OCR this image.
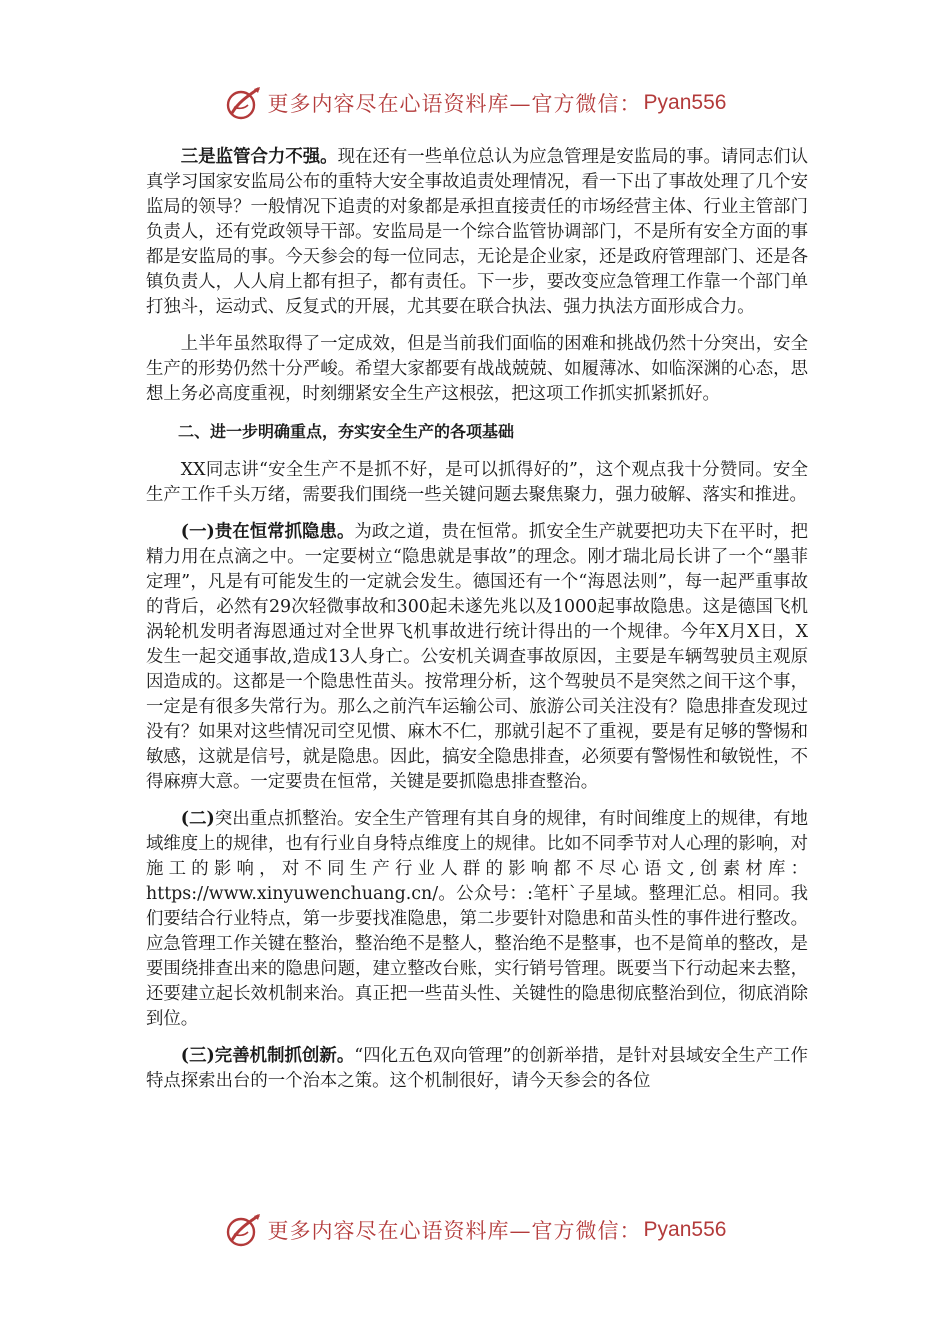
更多内容尽在心语资料库—官方微信： Pyan556

三是监管合力不强。现在还有一些单位总认为应急管理是安监局的事。请同志们认真学习国家安监局公布的重特大安全事故追责处理情况，看一下出了事故处理了几个安监局的领导？一般情况下追责的对象都是承担直接责任的市场经营主体、行业主管部门负责人，还有党政领导干部。安监局是一个综合监管协调部门，不是所有安全方面的事都是安监局的事。今天参会的每一位同志，无论是企业家，还是政府管理部门、还是各镇负责人，人人肩上都有担子，都有责任。下一步，要改变应急管理工作靠一个部门单打独斗，运动式、反复式的开展，尤其要在联合执法、强力执法方面形成合力。

上半年虽然取得了一定成效，但是当前我们面临的困难和挑战仍然十分突出，安全生产的形势仍然十分严峻。希望大家都要有战战兢兢、如履薄冰、如临深渊的心态，思想上务必高度重视，时刻绷紧安全生产这根弦，把这项工作抓实抓紧抓好。

二、进一步明确重点，夯实安全生产的各项基础

XX同志讲“安全生产不是抓不好，是可以抓得好的”，这个观点我十分赞同。安全生产工作千头万绪，需要我们围绕一些关键问题去聚焦聚力，强力破解、落实和推进。

(一)贵在恒常抓隐患。为政之道，贵在恒常。抓安全生产就要把功夫下在平时，把精力用在点滴之中。一定要树立“隐患就是事故”的理念。刚才瑞北局长讲了一个“墨菲定理”，凡是有可能发生的一定就会发生。德国还有一个“海恩法则”，每一起严重事故的背后，必然有29次轻微事故和300起未遂先兆以及1000起事故隐患。这是德国飞机涡轮机发明者海恩通过对全世界飞机事故进行统计得出的一个规律。今年X月X日，X发生一起交通事故,造成13人身亡。公安机关调查事故原因，主要是车辆驾驶员主观原因造成的。这都是一个隐患性苗头。按常理分析，这个驾驶员不是突然之间干这个事，一定是有很多失常行为。那么之前汽车运输公司、旅游公司关注没有？隐患排查发现过没有？如果对这些情况司空见惯、麻木不仁，那就引起不了重视，要是有足够的警惕和敏感，这就是信号，就是隐患。因此，搞安全隐患排查，必须要有警惕性和敏锐性，不得麻痹大意。一定要贵在恒常，关键是要抓隐患排查整治。

(二)突出重点抓整治。安全生产管理有其自身的规律，有时间维度上的规律，有地域维度上的规律，也有行业自身特点维度上的规律。比如不同季节对人心理的影响，对施工的影响，对不同生产行业人群的影响都不尽心语文,创素材库：https://www.xinyuwenchuang.cn/。公众号：:笔杆`子星域。整理汇总。相同。我们要结合行业特点，第一步要找准隐患，第二步要针对隐患和苗头性的事件进行整改。应急管理工作关键在整治，整治绝不是整人，整治绝不是整事，也不是简单的整改，是要围绕排查出来的隐患问题，建立整改台账，实行销号管理。既要当下行动起来去整，还要建立起长效机制来治。真正把一些苗头性、关键性的隐患彻底整治到位，彻底消除到位。

(三)完善机制抓创新。“四化五色双向管理”的创新举措，是针对县域安全生产工作特点探索出台的一个治本之策。这个机制很好，请今天参会的各位

更多内容尽在心语资料库—官方微信： Pyan556
